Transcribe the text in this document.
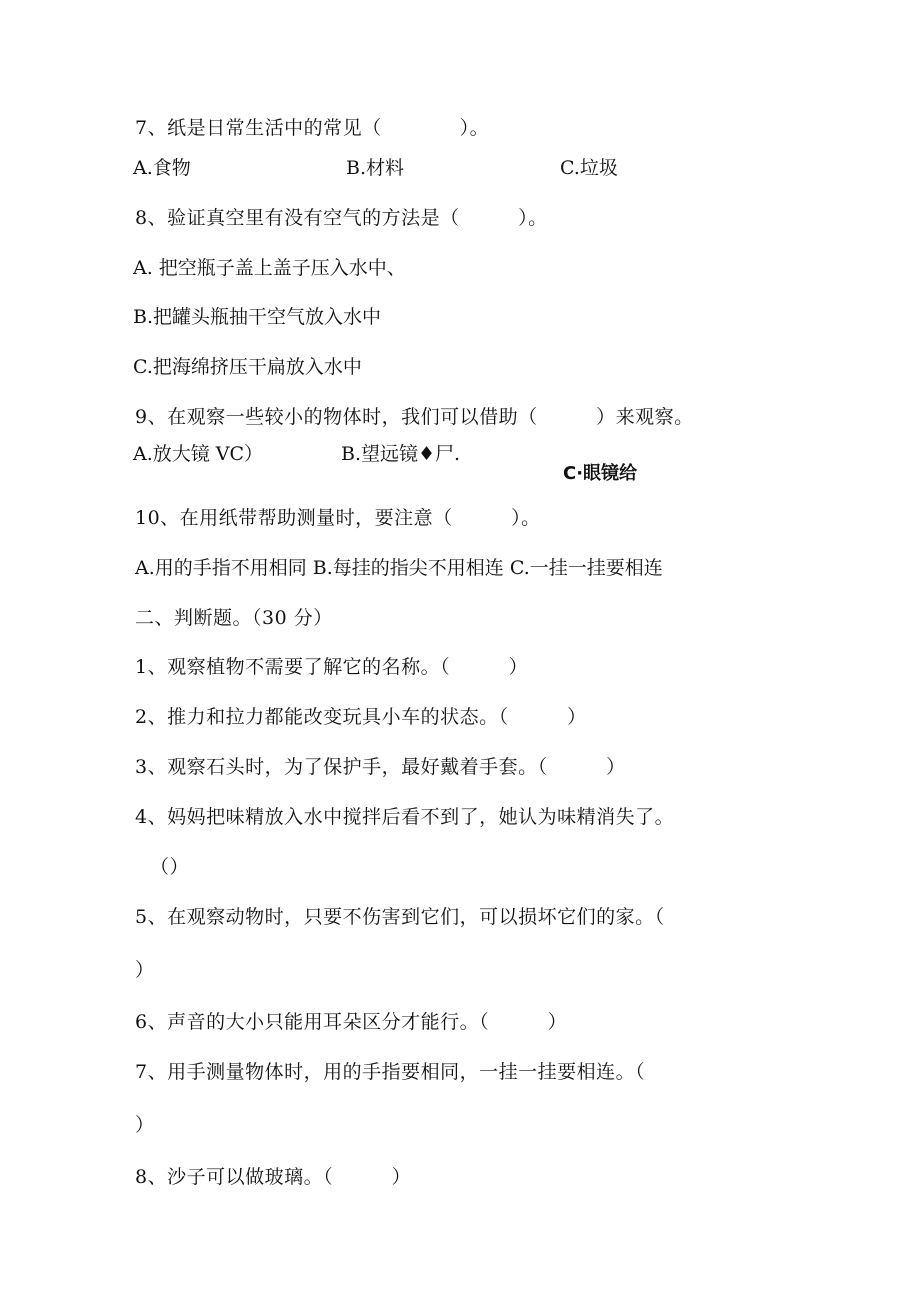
7、纸是日常生活中的常见（　　　　）。
A.食物	B.材料	C.垃圾
8、验证真空里有没有空气的方法是（　　　）。
A. 把空瓶子盖上盖子压入水中、
B.把罐头瓶抽干空气放入水中
C.把海绵挤压干扁放入水中
9、在观察一些较小的物体时，我们可以借助（　　　）来观察。
A.放大镜 VC）	B.望远镜♦尸.
C·眼镜给
10、在用纸带帮助测量时，要注意（　　　）。
A.用的手指不用相同 B.每挂的指尖不用相连 C.一挂一挂要相连
二、判断题。（30 分）
1、观察植物不需要了解它的名称。（　　　）
2、推力和拉力都能改变玩具小车的状态。（　　　）
3、观察石头时，为了保护手，最好戴着手套。（　　　）
4、妈妈把味精放入水中搅拌后看不到了，她认为味精消失了。
（）
5、在观察动物时，只要不伤害到它们，可以损坏它们的家。（
）
6、声音的大小只能用耳朵区分才能行。（　　　）
7、用手测量物体时，用的手指要相同，一挂一挂要相连。（
）
8、沙子可以做玻璃。（　　　）
